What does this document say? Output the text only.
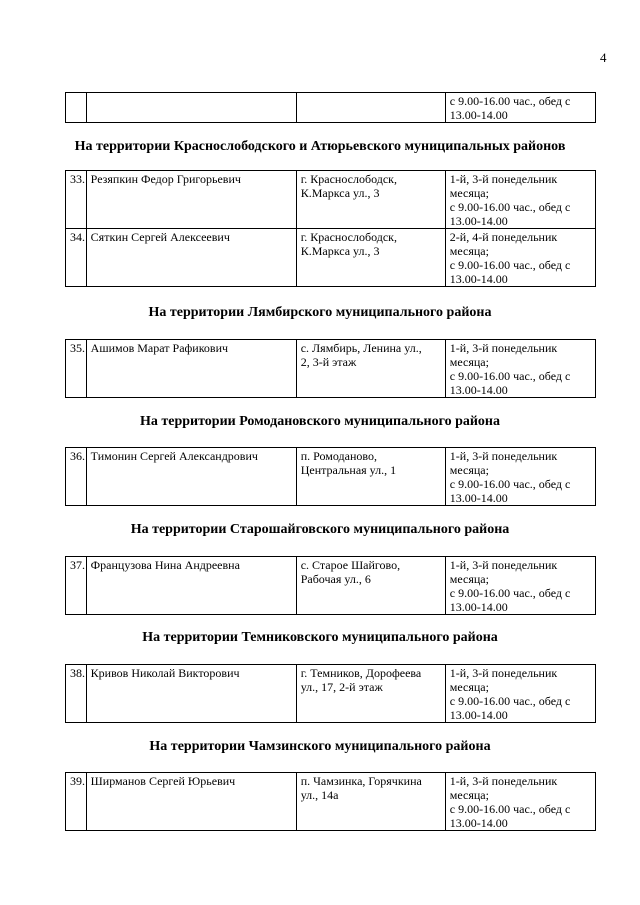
4
			с 9.00-16.00 час., обед с
13.00-14.00
На территории Краснослободского и Атюрьевского муниципальных районов
33.	Резяпкин Федор Григорьевич	г. Краснослободск,
К.Маркса ул., 3	1-й, 3-й понедельник
месяца;
с 9.00-16.00 час., обед с
13.00-14.00
34.	Сяткин Сергей Алексеевич	г. Краснослободск,
К.Маркса ул., 3	2-й, 4-й понедельник
месяца;
с 9.00-16.00 час., обед с
13.00-14.00
На территории Лямбирского муниципального района
35.	Ашимов Марат Рафикович	с. Лямбирь, Ленина ул.,
2, 3-й этаж	1-й, 3-й понедельник
месяца;
с 9.00-16.00 час., обед с
13.00-14.00
На территории Ромодановского муниципального района
36.	Тимонин Сергей Александрович	п. Ромоданово,
Центральная ул., 1	1-й, 3-й понедельник
месяца;
с 9.00-16.00 час., обед с
13.00-14.00
На территории Старошайговского муниципального района
37.	Французова Нина Андреевна	с. Старое Шайгово,
Рабочая ул., 6	1-й, 3-й понедельник
месяца;
с 9.00-16.00 час., обед с
13.00-14.00
На территории Темниковского муниципального района
38.	Кривов Николай Викторович	г. Темников, Дорофеева
ул., 17, 2-й этаж	1-й, 3-й понедельник
месяца;
с 9.00-16.00 час., обед с
13.00-14.00
На территории Чамзинского муниципального района
39.	Ширманов Сергей Юрьевич	п. Чамзинка, Горячкина
ул., 14а	1-й, 3-й понедельник
месяца;
с 9.00-16.00 час., обед с
13.00-14.00
